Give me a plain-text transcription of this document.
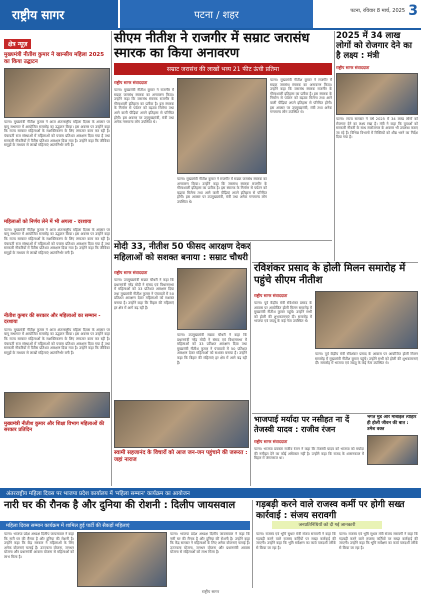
राष्ट्रीय सागर	पटना / शहर	पटना, रविवार 8 मार्च, 2025 3
क्षेत्र न्यूज़
मुख्यमंत्री नीतीश कुमार ने खान्सीय महिला 2025 का किया उद्घाटन
पटना। मुख्यमंत्री नीतीश कुमार ने आज अंतरराष्ट्रीय महिला दिवस के अवसर पर बापू सभागार में आयोजित समारोह का उद्घाटन किया। इस अवसर पर उन्होंने कहा कि राज्य सरकार महिलाओं के सशक्तिकरण के लिए लगातार काम कर रही है। पंचायती राज संस्थाओं में महिलाओं को पचास प्रतिशत आरक्षण दिया गया है तथा सरकारी नौकरियों में पैंतीस प्रतिशत आरक्षण दिया गया है। उन्होंने कहा कि जीविका समूहों के माध्यम से लाखों महिलाएं आत्मनिर्भर बनी हैं।
महिलाओं को निर्णय लेने में भी अगला - दरशाया
पटना। मुख्यमंत्री नीतीश कुमार ने आज अंतरराष्ट्रीय महिला दिवस के अवसर पर बापू सभागार में आयोजित समारोह का उद्घाटन किया। इस अवसर पर उन्होंने कहा कि राज्य सरकार महिलाओं के सशक्तिकरण के लिए लगातार काम कर रही है। पंचायती राज संस्थाओं में महिलाओं को पचास प्रतिशत आरक्षण दिया गया है तथा सरकारी नौकरियों में पैंतीस प्रतिशत आरक्षण दिया गया है। उन्होंने कहा कि जीविका समूहों के माध्यम से लाखों महिलाएं आत्मनिर्भर बनी हैं।
नीतीश कुमार की सरकार और महिलाओं का सम्मान - दरशाया
पटना। मुख्यमंत्री नीतीश कुमार ने आज अंतरराष्ट्रीय महिला दिवस के अवसर पर बापू सभागार में आयोजित समारोह का उद्घाटन किया। इस अवसर पर उन्होंने कहा कि राज्य सरकार महिलाओं के सशक्तिकरण के लिए लगातार काम कर रही है। पंचायती राज संस्थाओं में महिलाओं को पचास प्रतिशत आरक्षण दिया गया है तथा सरकारी नौकरियों में पैंतीस प्रतिशत आरक्षण दिया गया है। उन्होंने कहा कि जीविका समूहों के माध्यम से लाखों महिलाएं आत्मनिर्भर बनी हैं।
मुख्यमंत्री नीतीश कुमार और शिक्षा विभाग महिलाओं की सरकार प्रतिदिन
सीएम नीतीश ने राजगीर में सम्राट जरासंध स्मारक का किया अनावरण
सम्राट जरासंध की लाखों भव्य 21 फीट ऊंची प्रतिमा
राष्ट्रीय सागर संवाददाता
पटना। मुख्यमंत्री नीतीश कुमार ने राजगीर में सम्राट जरासंध स्मारक का अनावरण किया। उन्होंने कहा कि जरासंध स्मारक राजगीर के गौरवशाली इतिहास का प्रतीक है। इस स्मारक के निर्माण से पर्यटन को बढ़ावा मिलेगा तथा आने वाली पीढ़ियां अपने इतिहास से परिचित होंगी। इस अवसर पर उपमुख्यमंत्री, मंत्री तथा अनेक गणमान्य लोग उपस्थित थे।
पटना। मुख्यमंत्री नीतीश कुमार ने राजगीर में सम्राट जरासंध स्मारक का अनावरण किया। उन्होंने कहा कि जरासंध स्मारक राजगीर के गौरवशाली इतिहास का प्रतीक है। इस स्मारक के निर्माण से पर्यटन को बढ़ावा मिलेगा तथा आने वाली पीढ़ियां अपने इतिहास से परिचित होंगी। इस अवसर पर उपमुख्यमंत्री, मंत्री तथा अनेक गणमान्य लोग उपस्थित थे।
पटना। मुख्यमंत्री नीतीश कुमार ने राजगीर में सम्राट जरासंध स्मारक का अनावरण किया। उन्होंने कहा कि जरासंध स्मारक राजगीर के गौरवशाली इतिहास का प्रतीक है। इस स्मारक के निर्माण से पर्यटन को बढ़ावा मिलेगा तथा आने वाली पीढ़ियां अपने इतिहास से परिचित होंगी। इस अवसर पर उपमुख्यमंत्री, मंत्री तथा अनेक गणमान्य लोग उपस्थित थे।
2025 में 34 लाख लोगों को रोजगार देने का है लक्ष्य : मंत्री
राष्ट्रीय सागर संवाददाता
पटना। राज्य सरकार ने वर्ष 2025 में 34 लाख लोगों को रोजगार देने का लक्ष्य रखा है। मंत्री ने कहा कि युवाओं को सरकारी नौकरी के साथ स्वरोजगार के अवसर भी उपलब्ध कराए जा रहे हैं। विभिन्न विभागों में रिक्तियों को शीघ्र भरने का निर्देश दिया गया है।
मोदी 33, नीतीश 50 फीसद आरक्षण देकर महिलाओं को सशक्त बनाया : सम्राट चौधरी
राष्ट्रीय सागर संवाददाता
पटना। उपमुख्यमंत्री सम्राट चौधरी ने कहा कि प्रधानमंत्री नरेंद्र मोदी ने संसद एवं विधानसभा में महिलाओं को 33 प्रतिशत आरक्षण दिया तथा मुख्यमंत्री नीतीश कुमार ने पंचायतों में 50 प्रतिशत आरक्षण देकर महिलाओं को सशक्त बनाया है। उन्होंने कहा कि बिहार की महिलाएं हर क्षेत्र में आगे बढ़ रही हैं।
पटना। उपमुख्यमंत्री सम्राट चौधरी ने कहा कि प्रधानमंत्री नरेंद्र मोदी ने संसद एवं विधानसभा में महिलाओं को 33 प्रतिशत आरक्षण दिया तथा मुख्यमंत्री नीतीश कुमार ने पंचायतों में 50 प्रतिशत आरक्षण देकर महिलाओं को सशक्त बनाया है। उन्होंने कहा कि बिहार की महिलाएं हर क्षेत्र में आगे बढ़ रही हैं।
स्वामी सहजानंद के विचारों को आज जन-जन पहुंचाने की जरूरत : जहां नाराज
रविशंकर प्रसाद के होली मिलन समारोह में पहुंचे सीएम नीतीश
राष्ट्रीय सागर संवाददाता
पटना। पूर्व केंद्रीय मंत्री रविशंकर प्रसाद के आवास पर आयोजित होली मिलन समारोह में मुख्यमंत्री नीतीश कुमार पहुंचे। उन्होंने सभी को होली की शुभकामनाएं दीं। समारोह में भाजपा एवं जदयू के कई नेता उपस्थित थे।
पटना। पूर्व केंद्रीय मंत्री रविशंकर प्रसाद के आवास पर आयोजित होली मिलन समारोह में मुख्यमंत्री नीतीश कुमार पहुंचे। उन्होंने सभी को होली की शुभकामनाएं दीं। समारोह में भाजपा एवं जदयू के कई नेता उपस्थित थे।
भाजपाई मर्यादा पर नसीहत ना दें तेजस्वी यादव : राजीव रंजन
राष्ट्रीय सागर संवाददाता
पटना। भाजपा प्रवक्ता राजीव रंजन ने कहा कि तेजस्वी यादव को भाजपा को मर्यादा की नसीहत देने का कोई अधिकार नहीं है। उन्होंने कहा कि राजद के शासनकाल में बिहार में जंगलराज था।
भगत मुंड और मोबाइल त्योहार ही होली जीवन की बात : उमेश वक्त
अंतरराष्ट्रीय महिला दिवस पर भाजपा प्रदेश कार्यालय में 'महिला सम्मान' कार्यक्रम का आयोजन
नारी घर की रौनक है और दुनिया की रोशनी : दिलीप जायसवाल
महिला दिवस सम्मान कार्यक्रम में शामिल हुई पार्टी की सैकड़ों महिलाएं
पटना। भाजपा प्रदेश अध्यक्ष दिलीप जायसवाल ने कहा कि नारी घर की रौनक है और दुनिया की रोशनी है। उन्होंने कहा कि केंद्र सरकार ने महिलाओं के लिए अनेक योजनाएं चलाई हैं। उज्ज्वला योजना, जनधन योजना और प्रधानमंत्री आवास योजना से महिलाओं को लाभ मिला है।
पटना। भाजपा प्रदेश अध्यक्ष दिलीप जायसवाल ने कहा कि नारी घर की रौनक है और दुनिया की रोशनी है। उन्होंने कहा कि केंद्र सरकार ने महिलाओं के लिए अनेक योजनाएं चलाई हैं। उज्ज्वला योजना, जनधन योजना और प्रधानमंत्री आवास योजना से महिलाओं को लाभ मिला है।
जनप्रतिनिधियों को दी गई जानकारी
गड़बड़ी करने वाले राजस्व कर्मी पर होगी सख्त कार्रवाई : संजय सरावगी
पटना। राजस्व एवं भूमि सुधार मंत्री संजय सरावगी ने कहा कि गड़बड़ी करने वाले राजस्व कर्मियों पर सख्त कार्रवाई की जाएगी। उन्होंने कहा कि भूमि सर्वेक्षण का कार्य पारदर्शी तरीके से किया जा रहा है।
पटना। राजस्व एवं भूमि सुधार मंत्री संजय सरावगी ने कहा कि गड़बड़ी करने वाले राजस्व कर्मियों पर सख्त कार्रवाई की जाएगी। उन्होंने कहा कि भूमि सर्वेक्षण का कार्य पारदर्शी तरीके से किया जा रहा है।
राष्ट्रीय सागर
